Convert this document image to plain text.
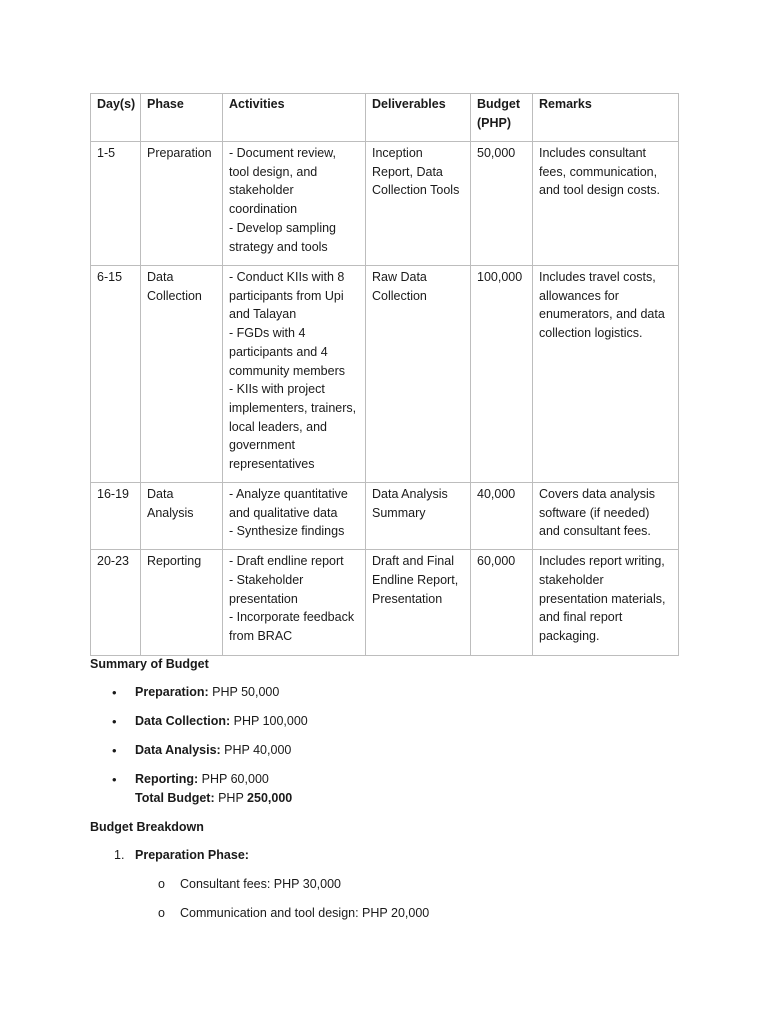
Day(s)	Phase	Activities	Deliverables	Budget (PHP)	Remarks
1-5	Preparation	- Document review, tool design, and stakeholder coordination
- Develop sampling strategy and tools	Inception Report, Data Collection Tools	50,000	Includes consultant fees, communication, and tool design costs.
6-15	Data Collection	- Conduct KIIs with 8 participants from Upi and Talayan
- FGDs with 4 participants and 4 community members
- KIIs with project implementers, trainers, local leaders, and government representatives	Raw Data Collection	100,000	Includes travel costs, allowances for enumerators, and data collection logistics.
16-19	Data Analysis	- Analyze quantitative and qualitative data
- Synthesize findings	Data Analysis Summary	40,000	Covers data analysis software (if needed) and consultant fees.
20-23	Reporting	- Draft endline report
- Stakeholder presentation
- Incorporate feedback from BRAC	Draft and Final Endline Report, Presentation	60,000	Includes report writing, stakeholder presentation materials, and final report packaging.
Summary of Budget
• Preparation: PHP 50,000
• Data Collection: PHP 100,000
• Data Analysis: PHP 40,000
• Reporting: PHP 60,000
Total Budget: PHP 250,000
Budget Breakdown
1. Preparation Phase:
o Consultant fees: PHP 30,000
o Communication and tool design: PHP 20,000
